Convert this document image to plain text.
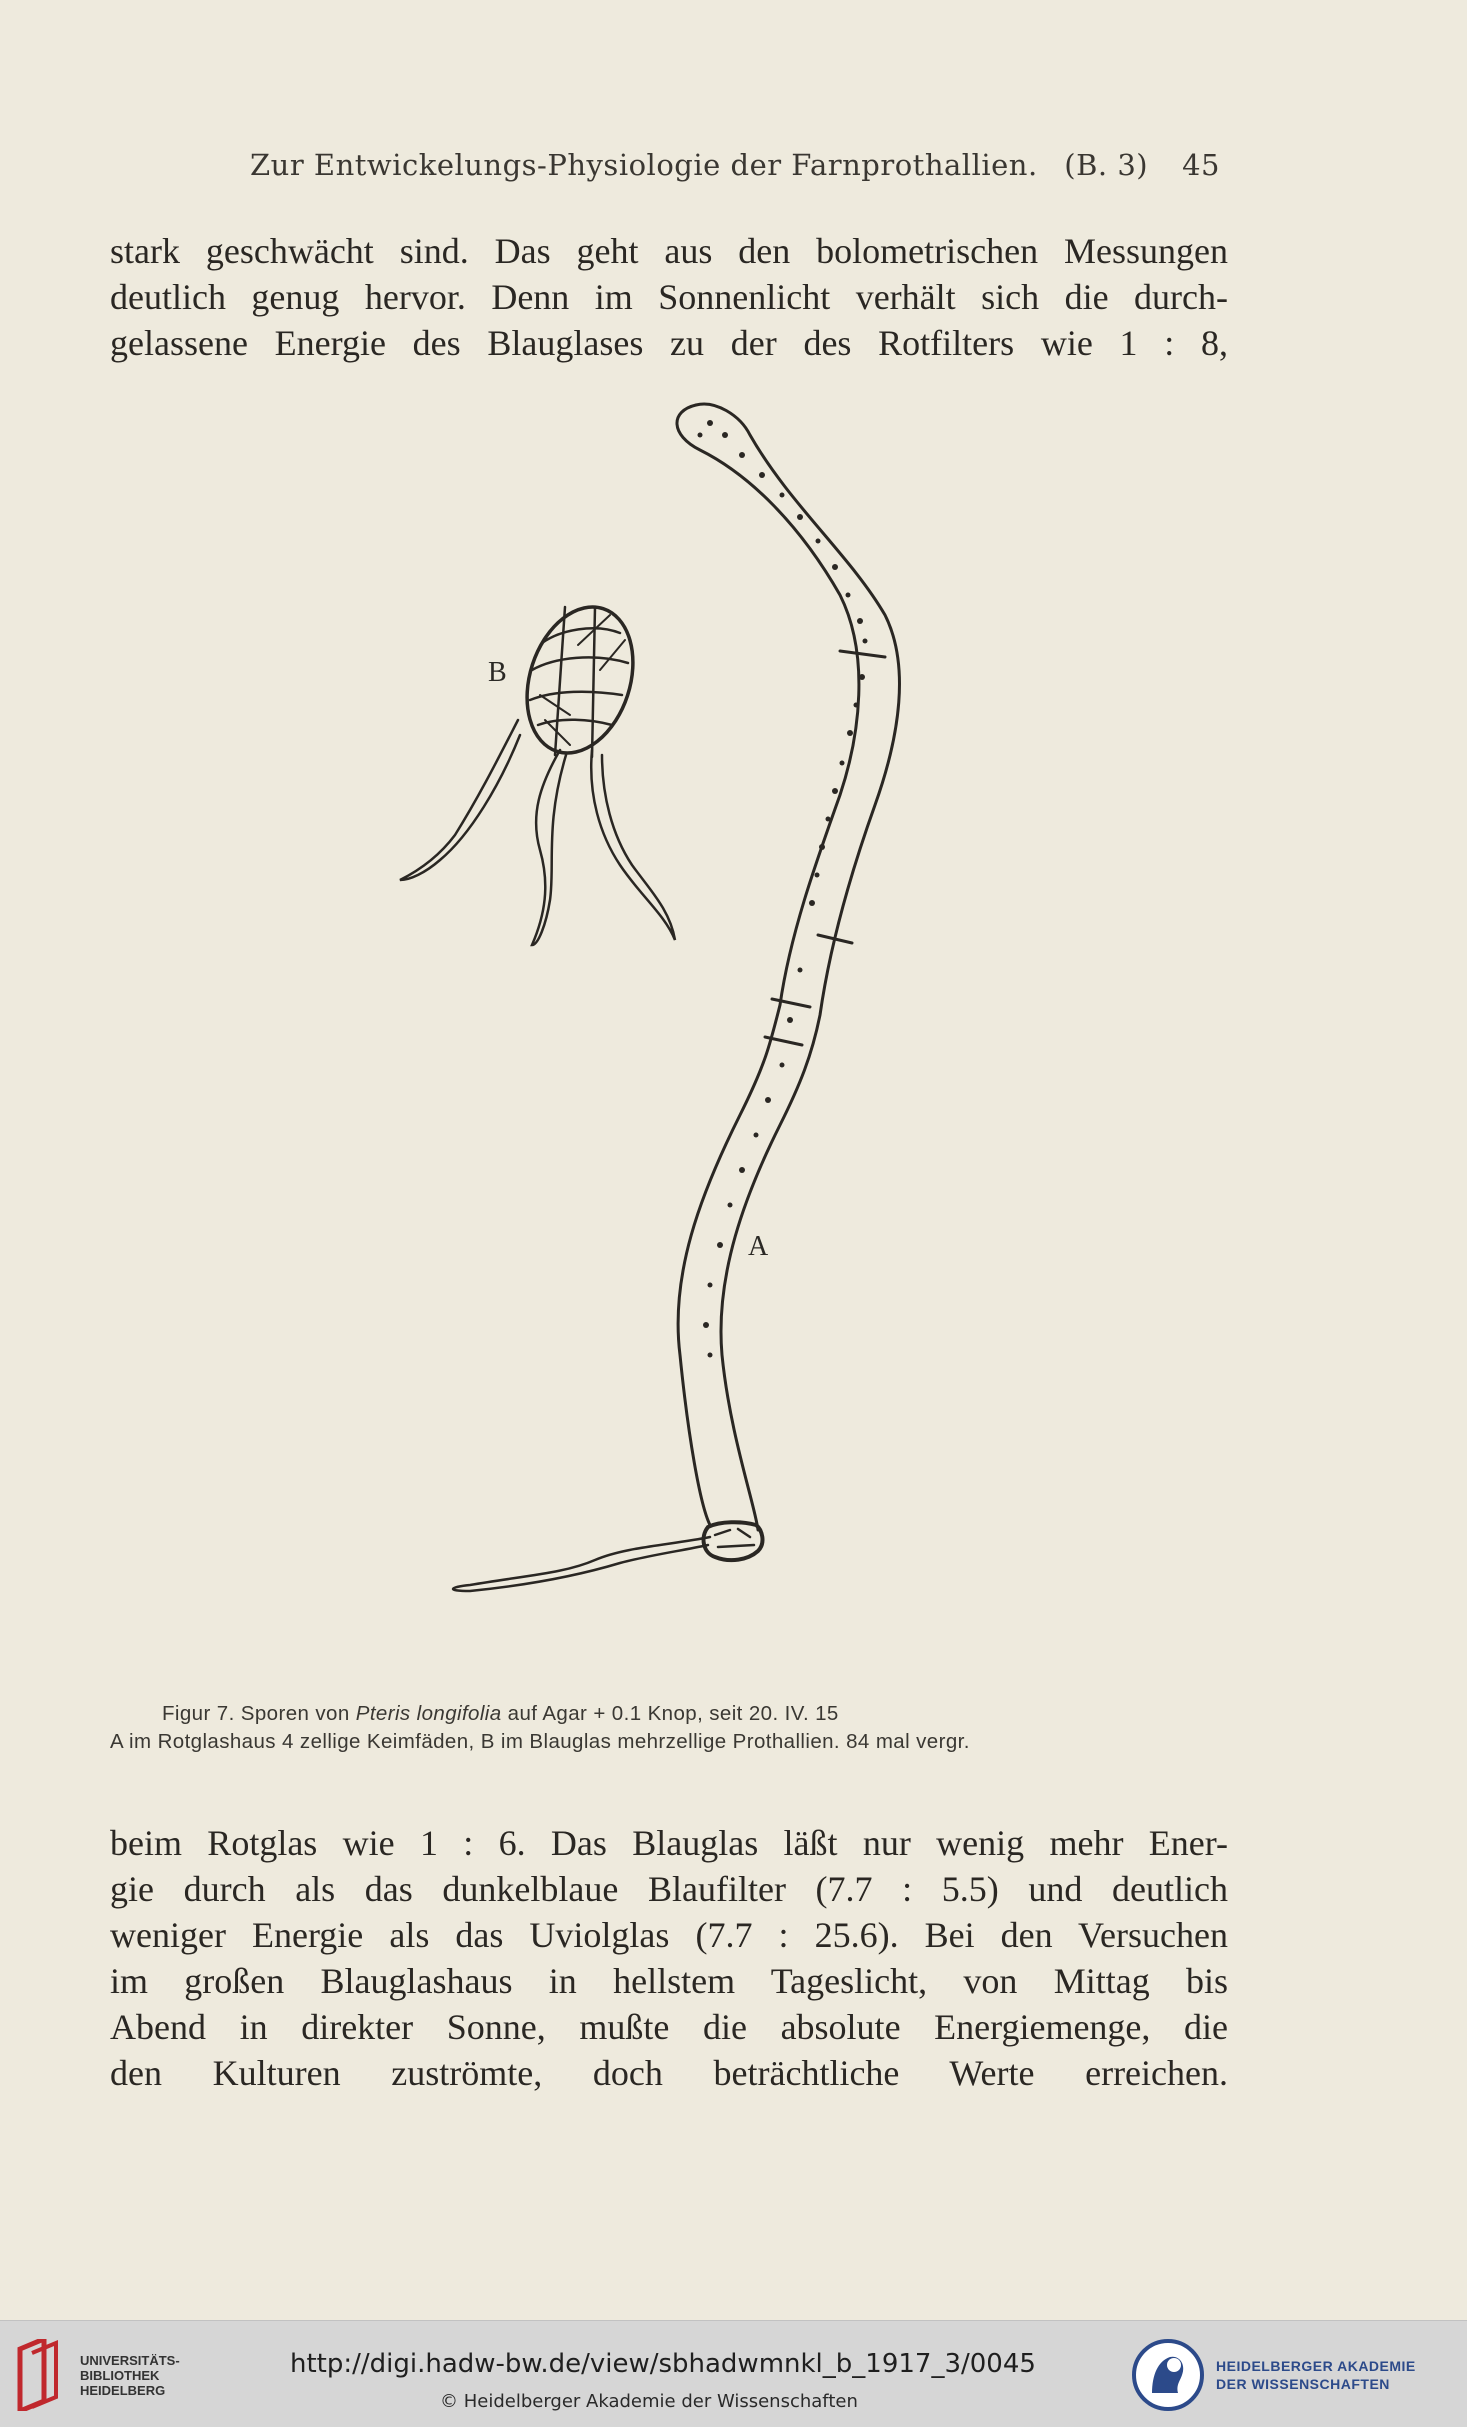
Zur Entwickelungs-Physiologie der Farnprothallien. (B. 3) 45
stark geschwächt sind. Das geht aus den bolometrischen Messungen
deutlich genug hervor. Denn im Sonnenlicht verhält sich die durch-
gelassene Energie des Blauglases zu der des Rotfilters wie 1 : 8,
B
A
Figur 7. Sporen von Pteris longifolia auf Agar + 0.1 Knop, seit 20. IV. 15
A im Rotglashaus 4 zellige Keimfäden, B im Blauglas mehrzellige Prothallien. 84 mal vergr.
beim Rotglas wie 1 : 6. Das Blauglas läßt nur wenig mehr Ener-
gie durch als das dunkelblaue Blaufilter (7.7 : 5.5) und deutlich
weniger Energie als das Uviolglas (7.7 : 25.6). Bei den Versuchen
im großen Blauglashaus in hellstem Tageslicht, von Mittag bis
Abend in direkter Sonne, mußte die absolute Energiemenge, die
den Kulturen zuströmte, doch beträchtliche Werte erreichen.
UNIVERSITÄTS-
BIBLIOTHEK
HEIDELBERG
http://digi.hadw-bw.de/view/sbhadwmnkl_b_1917_3/0045
© Heidelberger Akademie der Wissenschaften
HEIDELBERGER AKADEMIE
DER WISSENSCHAFTEN
